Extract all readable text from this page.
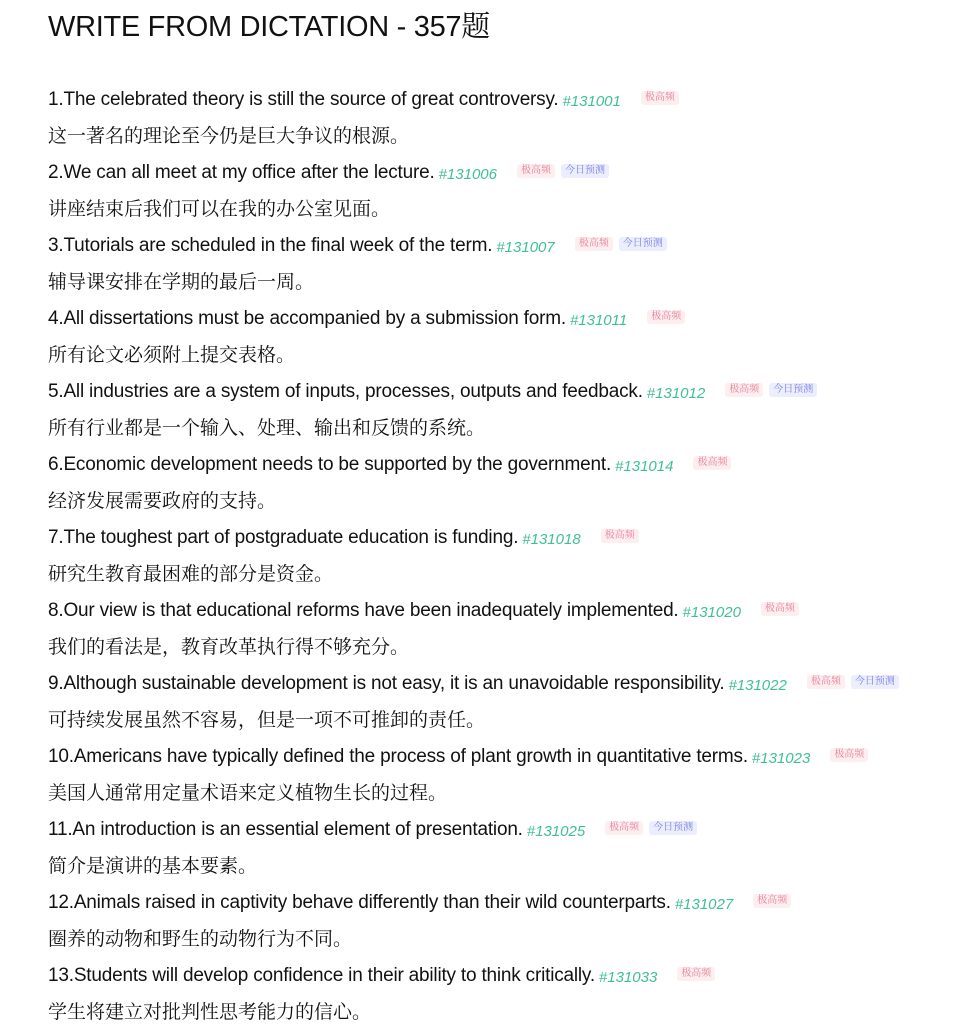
WRITE FROM DICTATION - 357题
1.The celebrated theory is still the source of great controversy. #131001	极高频
这一著名的理论至今仍是巨大争议的根源。
2.We can all meet at my office after the lecture. #131006	极高频	今日预测
讲座结束后我们可以在我的办公室见面。
3.Tutorials are scheduled in the final week of the term. #131007	极高频	今日预测
辅导课安排在学期的最后一周。
4.All dissertations must be accompanied by a submission form. #131011	极高频
所有论文必须附上提交表格。
5.All industries are a system of inputs, processes, outputs and feedback. #131012	极高频	今日预测
所有行业都是一个输入、处理、输出和反馈的系统。
6.Economic development needs to be supported by the government. #131014	极高频
经济发展需要政府的支持。
7.The toughest part of postgraduate education is funding. #131018	极高频
研究生教育最困难的部分是资金。
8.Our view is that educational reforms have been inadequately implemented. #131020	极高频
我们的看法是，教育改革执行得不够充分。
9.Although sustainable development is not easy, it is an unavoidable responsibility. #131022	极高频	今日预测
可持续发展虽然不容易，但是一项不可推卸的责任。
10.Americans have typically defined the process of plant growth in quantitative terms. #131023	极高频
美国人通常用定量术语来定义植物生长的过程。
11.An introduction is an essential element of presentation. #131025	极高频	今日预测
简介是演讲的基本要素。
12.Animals raised in captivity behave differently than their wild counterparts. #131027	极高频
圈养的动物和野生的动物行为不同。
13.Students will develop confidence in their ability to think critically. #131033	极高频
学生将建立对批判性思考能力的信心。
